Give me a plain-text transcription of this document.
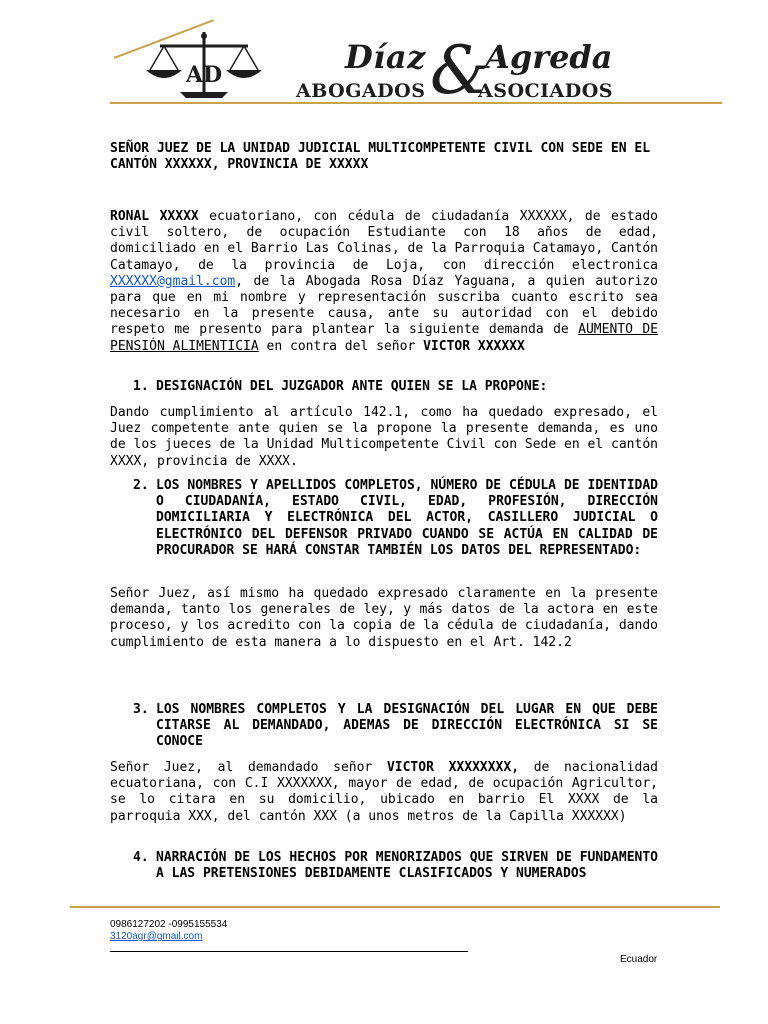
AD	Díaz &
Agreda
ABOGADOS	ASOCIADOS
SEÑOR JUEZ DE LA UNIDAD JUDICIAL MULTICOMPETENTE CIVIL CON SEDE EN EL CANTÓN XXXXXX, PROVINCIA DE XXXXX
RONAL XXXXX ecuatoriano, con cédula de ciudadanía XXXXXX, de estado civil soltero, de ocupación Estudiante con 18 años de edad, domiciliado en el Barrio Las Colinas, de la Parroquia Catamayo, Cantón Catamayo, de la provincia de Loja, con dirección electronica XXXXXX@gmail.com, de la Abogada Rosa Díaz Yaguana, a quien autorizo para que en mi nombre y representación suscriba cuanto escrito sea necesario en la presente causa, ante su autoridad con el debido respeto me presento para plantear la siguiente demanda de AUMENTO DE PENSIÓN ALIMENTICIA en contra del señor VICTOR XXXXXX
1. DESIGNACIÓN DEL JUZGADOR ANTE QUIEN SE LA PROPONE:
Dando cumplimiento al artículo 142.1, como ha quedado expresado, el Juez competente ante quien se la propone la presente demanda, es uno de los jueces de la Unidad Multicompetente Civil con Sede en el cantón XXXX, provincia de XXXX.
2. LOS NOMBRES Y APELLIDOS COMPLETOS, NÚMERO DE CÉDULA DE IDENTIDAD O CIUDADANÍA, ESTADO CIVIL, EDAD, PROFESIÓN, DIRECCIÓN DOMICILIARIA Y ELECTRÓNICA DEL ACTOR, CASILLERO JUDICIAL O ELECTRÓNICO DEL DEFENSOR PRIVADO CUANDO SE ACTÚA EN CALIDAD DE PROCURADOR SE HARÁ CONSTAR TAMBIÉN LOS DATOS DEL REPRESENTADO:
Señor Juez, así mismo ha quedado expresado claramente en la presente demanda, tanto los generales de ley, y más datos de la actora en este proceso, y los acredito con la copia de la cédula de ciudadanía, dando cumplimiento de esta manera a lo dispuesto en el Art. 142.2
3. LOS NOMBRES COMPLETOS Y LA DESIGNACIÓN DEL LUGAR EN QUE DEBE CITARSE AL DEMANDADO, ADEMAS DE DIRECCIÓN ELECTRÓNICA SI SE CONOCE
Señor Juez, al demandado señor VICTOR XXXXXXXX, de nacionalidad ecuatoriana, con C.I XXXXXXX, mayor de edad, de ocupación Agricultor, se lo citara en su domicilio, ubicado en barrio El XXXX de la parroquia XXX, del cantón XXX (a unos metros de la Capilla XXXXXX)
4. NARRACIÓN DE LOS HECHOS POR MENORIZADOS QUE SIRVEN DE FUNDAMENTO A LAS PRETENSIONES DEBIDAMENTE CLASIFICADOS Y NUMERADOS
0986127202 -0995155534
3120agr@gmail.com
Ecuador
